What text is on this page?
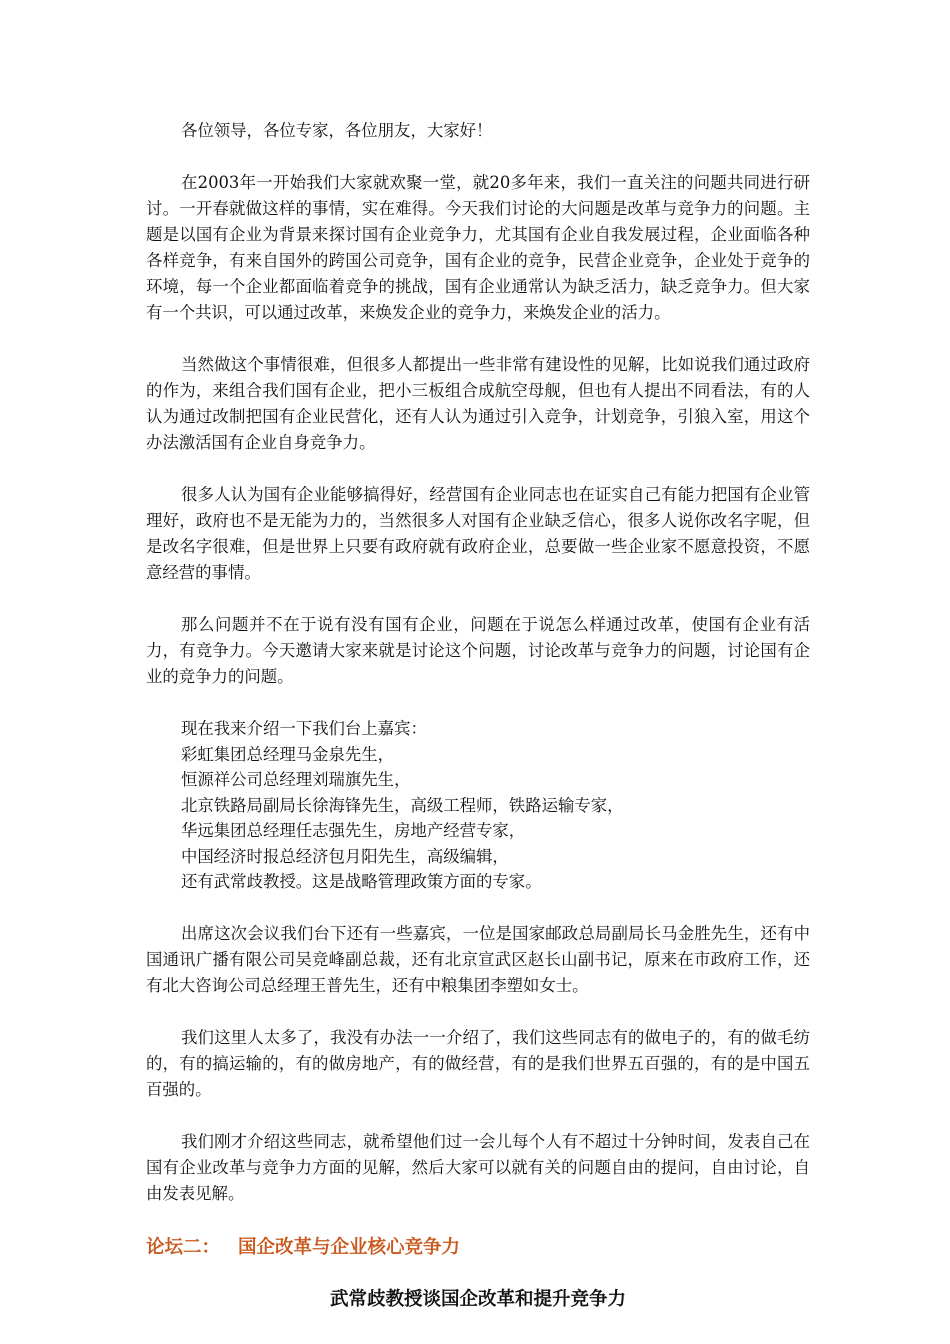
各位领导，各位专家，各位朋友，大家好！

在2003年一开始我们大家就欢聚一堂，就20多年来，我们一直关注的问题共同进行研讨。一开春就做这样的事情，实在难得。今天我们讨论的大问题是改革与竞争力的问题。主题是以国有企业为背景来探讨国有企业竞争力，尤其国有企业自我发展过程，企业面临各种各样竞争，有来自国外的跨国公司竞争，国有企业的竞争，民营企业竞争，企业处于竞争的环境，每一个企业都面临着竞争的挑战，国有企业通常认为缺乏活力，缺乏竞争力。但大家有一个共识，可以通过改革，来焕发企业的竞争力，来焕发企业的活力。

当然做这个事情很难，但很多人都提出一些非常有建设性的见解，比如说我们通过政府的作为，来组合我们国有企业，把小三板组合成航空母舰，但也有人提出不同看法，有的人认为通过改制把国有企业民营化，还有人认为通过引入竞争，计划竞争，引狼入室，用这个办法激活国有企业自身竞争力。

很多人认为国有企业能够搞得好，经营国有企业同志也在证实自己有能力把国有企业管理好，政府也不是无能为力的，当然很多人对国有企业缺乏信心，很多人说你改名字呢，但是改名字很难，但是世界上只要有政府就有政府企业，总要做一些企业家不愿意投资，不愿意经营的事情。

那么问题并不在于说有没有国有企业，问题在于说怎么样通过改革，使国有企业有活力，有竞争力。今天邀请大家来就是讨论这个问题，讨论改革与竞争力的问题，讨论国有企业的竞争力的问题。

现在我来介绍一下我们台上嘉宾：
彩虹集团总经理马金泉先生，
恒源祥公司总经理刘瑞旗先生，
北京铁路局副局长徐海锋先生，高级工程师，铁路运输专家，
华远集团总经理任志强先生，房地产经营专家，
中国经济时报总经济包月阳先生，高级编辑，
还有武常歧教授。这是战略管理政策方面的专家。

出席这次会议我们台下还有一些嘉宾，一位是国家邮政总局副局长马金胜先生，还有中国通讯广播有限公司吴竞峰副总裁，还有北京宣武区赵长山副书记，原来在市政府工作，还有北大咨询公司总经理王普先生，还有中粮集团李塑如女士。

我们这里人太多了，我没有办法一一介绍了，我们这些同志有的做电子的，有的做毛纺的，有的搞运输的，有的做房地产，有的做经营，有的是我们世界五百强的，有的是中国五百强的。

我们刚才介绍这些同志，就希望他们过一会儿每个人有不超过十分钟时间，发表自己在国有企业改革与竞争力方面的见解，然后大家可以就有关的问题自由的提问，自由讨论，自由发表见解。

论坛二： 国企改革与企业核心竞争力
武常歧教授谈国企改革和提升竞争力
